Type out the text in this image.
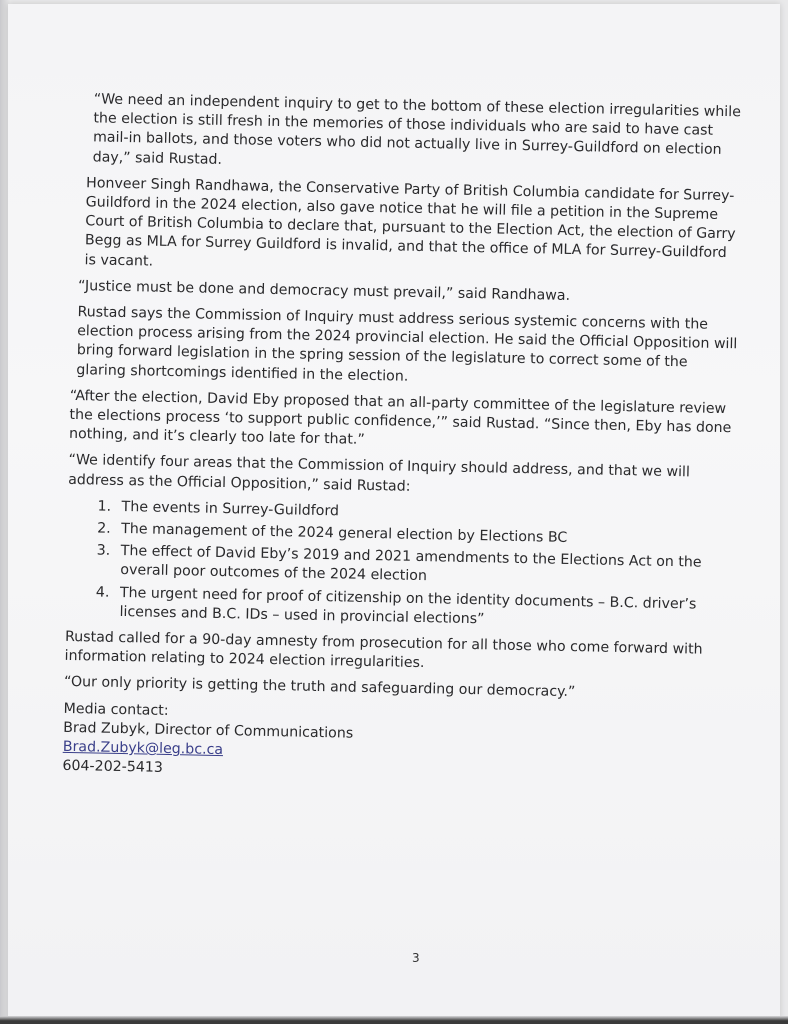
“We need an independent inquiry to get to the bottom of these election irregularities while the election is still fresh in the memories of those individuals who are said to have cast mail-in ballots, and those voters who did not actually live in Surrey-Guildford on election day,” said Rustad.

Honveer Singh Randhawa, the Conservative Party of British Columbia candidate for Surrey-Guildford in the 2024 election, also gave notice that he will file a petition in the Supreme Court of British Columbia to declare that, pursuant to the Election Act, the election of Garry Begg as MLA for Surrey Guildford is invalid, and that the office of MLA for Surrey-Guildford is vacant.

“Justice must be done and democracy must prevail,” said Randhawa.

Rustad says the Commission of Inquiry must address serious systemic concerns with the election process arising from the 2024 provincial election. He said the Official Opposition will bring forward legislation in the spring session of the legislature to correct some of the glaring shortcomings identified in the election.

“After the election, David Eby proposed that an all-party committee of the legislature review the elections process ‘to support public confidence,’” said Rustad. “Since then, Eby has done nothing, and it’s clearly too late for that.”

“We identify four areas that the Commission of Inquiry should address, and that we will address as the Official Opposition,” said Rustad:

1. The events in Surrey-Guildford
2. The management of the 2024 general election by Elections BC
3. The effect of David Eby’s 2019 and 2021 amendments to the Elections Act on the overall poor outcomes of the 2024 election
4. The urgent need for proof of citizenship on the identity documents – B.C. driver’s licenses and B.C. IDs – used in provincial elections”

Rustad called for a 90-day amnesty from prosecution for all those who come forward with information relating to 2024 election irregularities.

“Our only priority is getting the truth and safeguarding our democracy.”

Media contact:
Brad Zubyk, Director of Communications
Brad.Zubyk@leg.bc.ca
604-202-5413
3
